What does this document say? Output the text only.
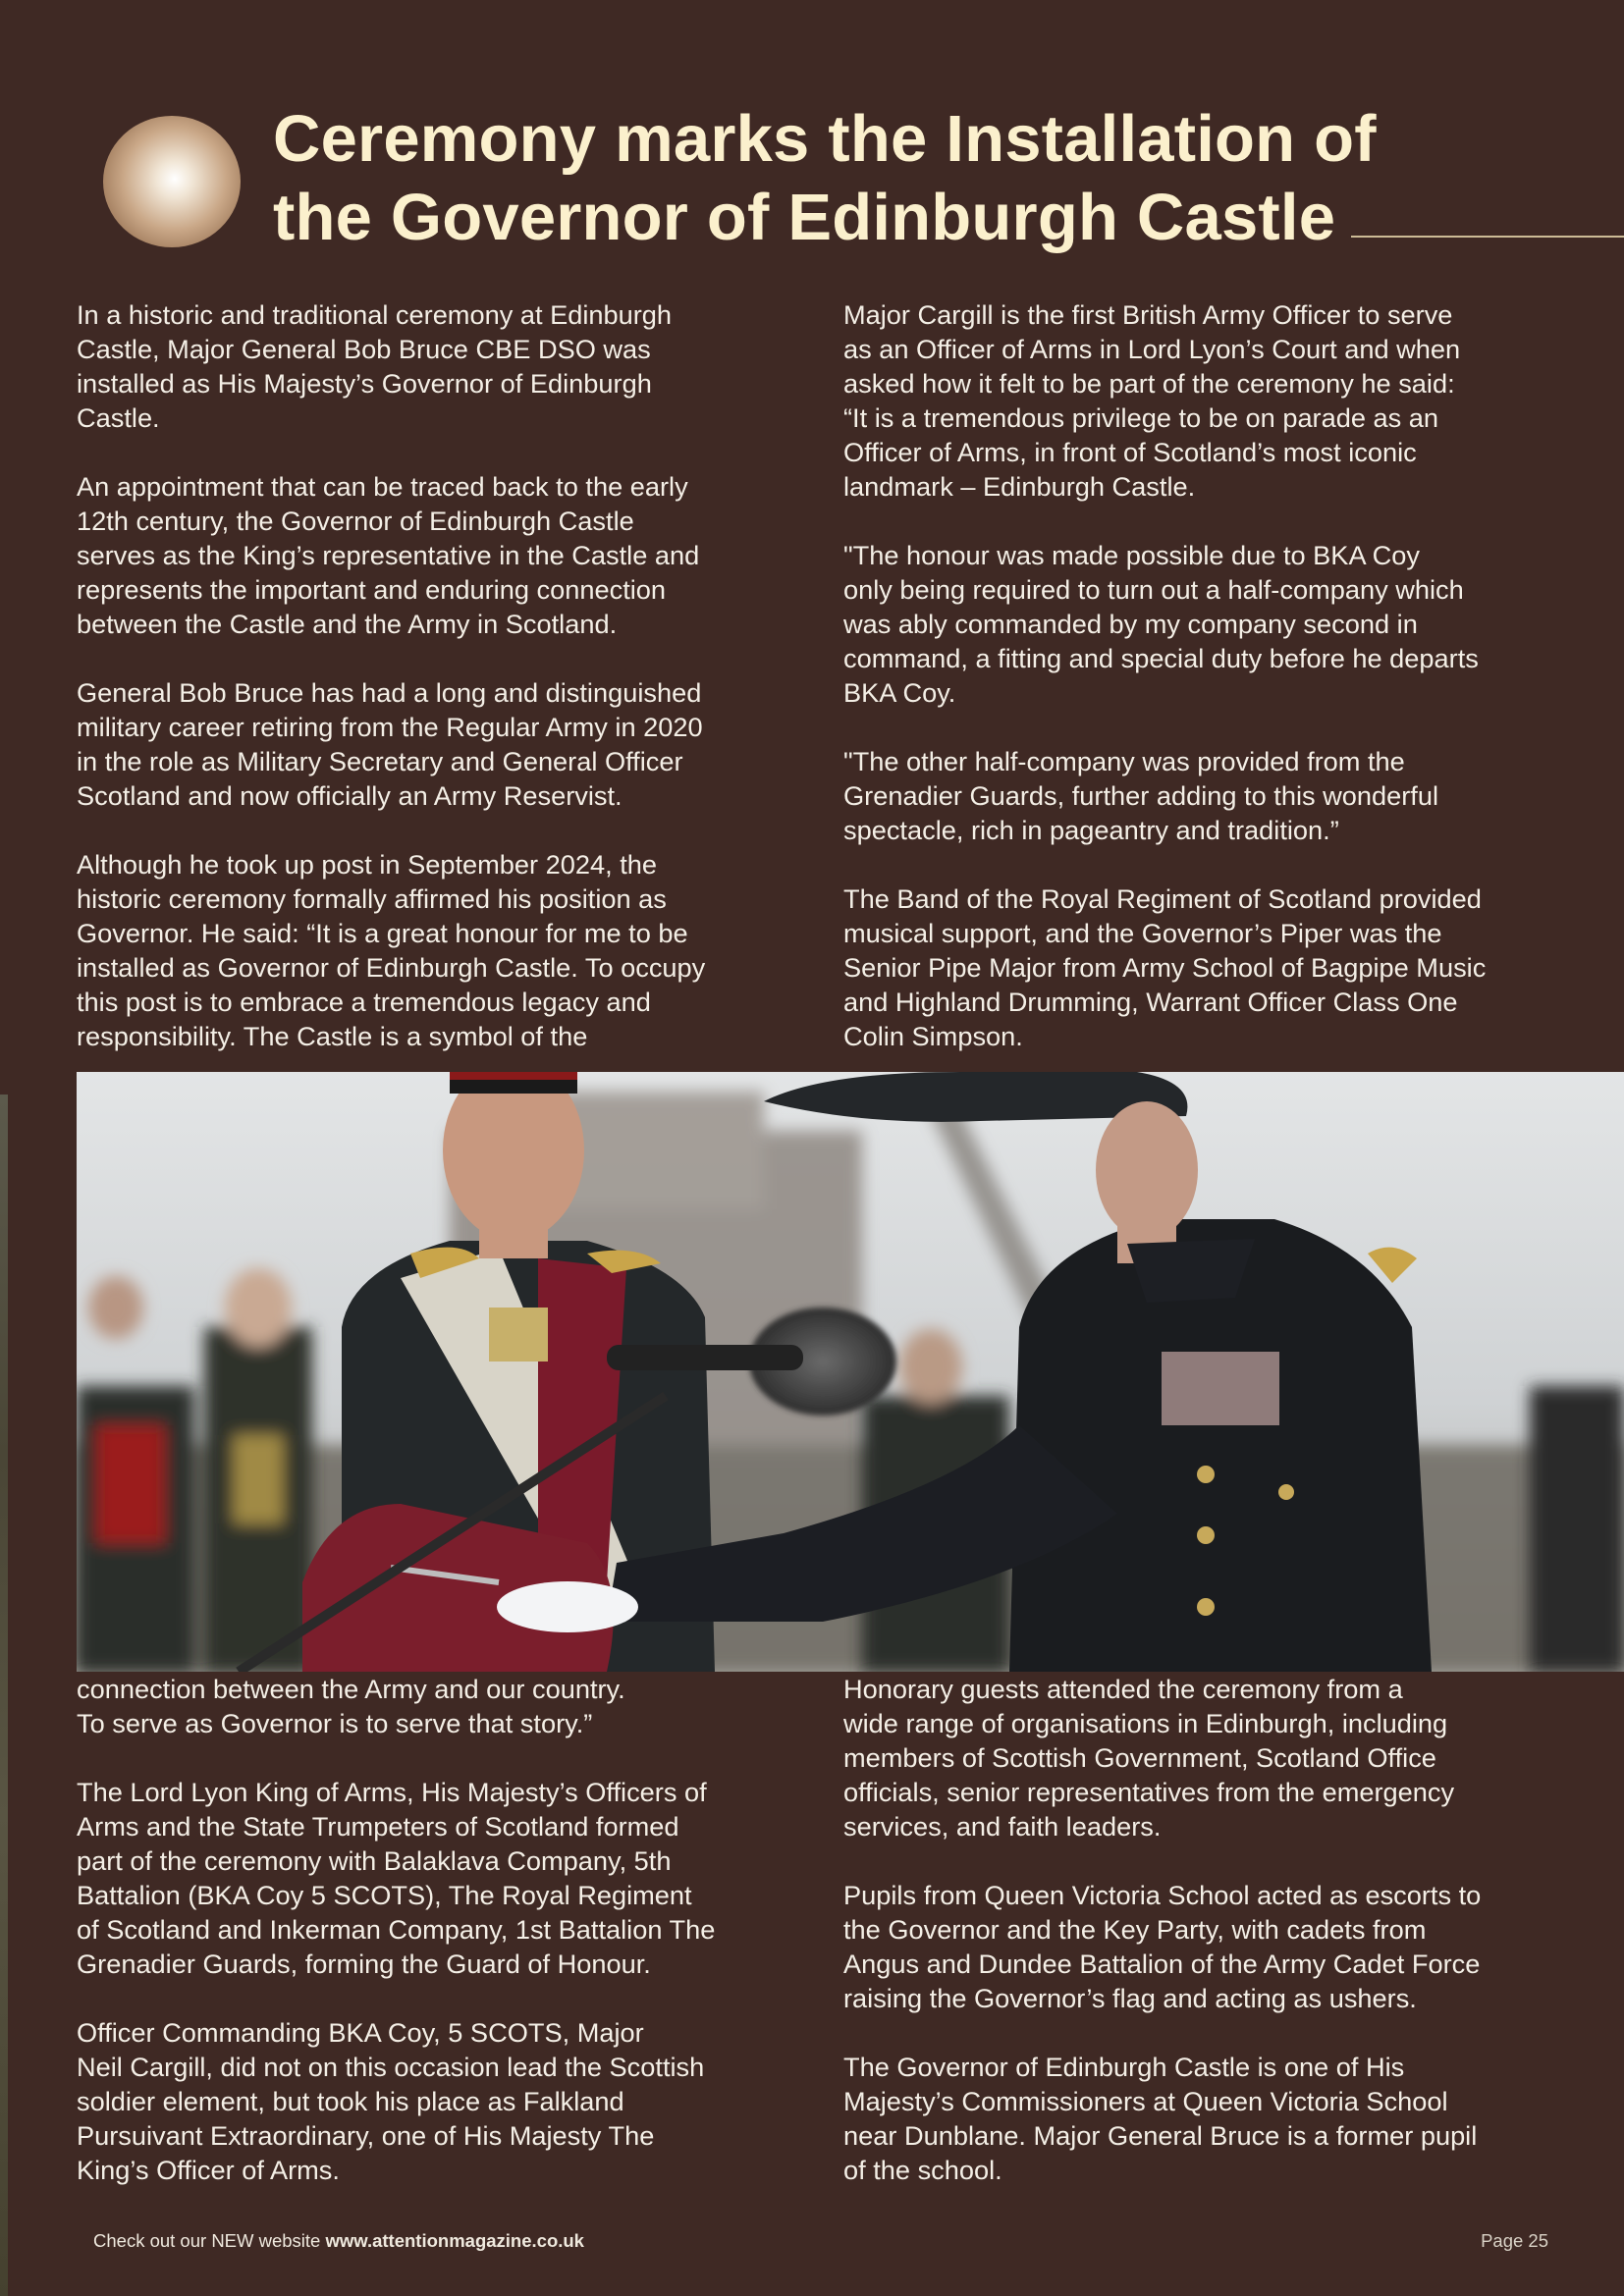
Ceremony marks the Installation of
the Governor of Edinburgh Castle

In a historic and traditional ceremony at Edinburgh
Castle, Major General Bob Bruce CBE DSO was
installed as His Majesty’s Governor of Edinburgh
Castle.

An appointment that can be traced back to the early
12th century, the Governor of Edinburgh Castle
serves as the King’s representative in the Castle and
represents the important and enduring connection
between the Castle and the Army in Scotland.

General Bob Bruce has had a long and distinguished
military career retiring from the Regular Army in 2020
in the role as Military Secretary and General Officer
Scotland and now officially an Army Reservist.

Although he took up post in September 2024, the
historic ceremony formally affirmed his position as
Governor. He said: “It is a great honour for me to be
installed as Governor of Edinburgh Castle. To occupy
this post is to embrace a tremendous legacy and
responsibility. The Castle is a symbol of the

Major Cargill is the first British Army Officer to serve
as an Officer of Arms in Lord Lyon’s Court and when
asked how it felt to be part of the ceremony he said:
“It is a tremendous privilege to be on parade as an
Officer of Arms, in front of Scotland’s most iconic
landmark – Edinburgh Castle.

"The honour was made possible due to BKA Coy
only being required to turn out a half-company which
was ably commanded by my company second in
command, a fitting and special duty before he departs
BKA Coy.

"The other half-company was provided from the
Grenadier Guards, further adding to this wonderful
spectacle, rich in pageantry and tradition.”

The Band of the Royal Regiment of Scotland provided
musical support, and the Governor’s Piper was the
Senior Pipe Major from Army School of Bagpipe Music
and Highland Drumming, Warrant Officer Class One
Colin Simpson.

connection between the Army and our country.
To serve as Governor is to serve that story.”

The Lord Lyon King of Arms, His Majesty’s Officers of
Arms and the State Trumpeters of Scotland formed
part of the ceremony with Balaklava Company, 5th
Battalion (BKA Coy 5 SCOTS), The Royal Regiment
of Scotland and Inkerman Company, 1st Battalion The
Grenadier Guards, forming the Guard of Honour.

Officer Commanding BKA Coy, 5 SCOTS, Major
Neil Cargill, did not on this occasion lead the Scottish
soldier element, but took his place as Falkland
Pursuivant Extraordinary, one of His Majesty The
King’s Officer of Arms.

Honorary guests attended the ceremony from a
wide range of organisations in Edinburgh, including
members of Scottish Government, Scotland Office
officials, senior representatives from the emergency
services, and faith leaders.

Pupils from Queen Victoria School acted as escorts to
the Governor and the Key Party, with cadets from
Angus and Dundee Battalion of the Army Cadet Force
raising the Governor’s flag and acting as ushers.

The Governor of Edinburgh Castle is one of His
Majesty’s Commissioners at Queen Victoria School
near Dunblane. Major General Bruce is a former pupil
of the school.

Check out our NEW website www.attentionmagazine.co.uk	Page 25
